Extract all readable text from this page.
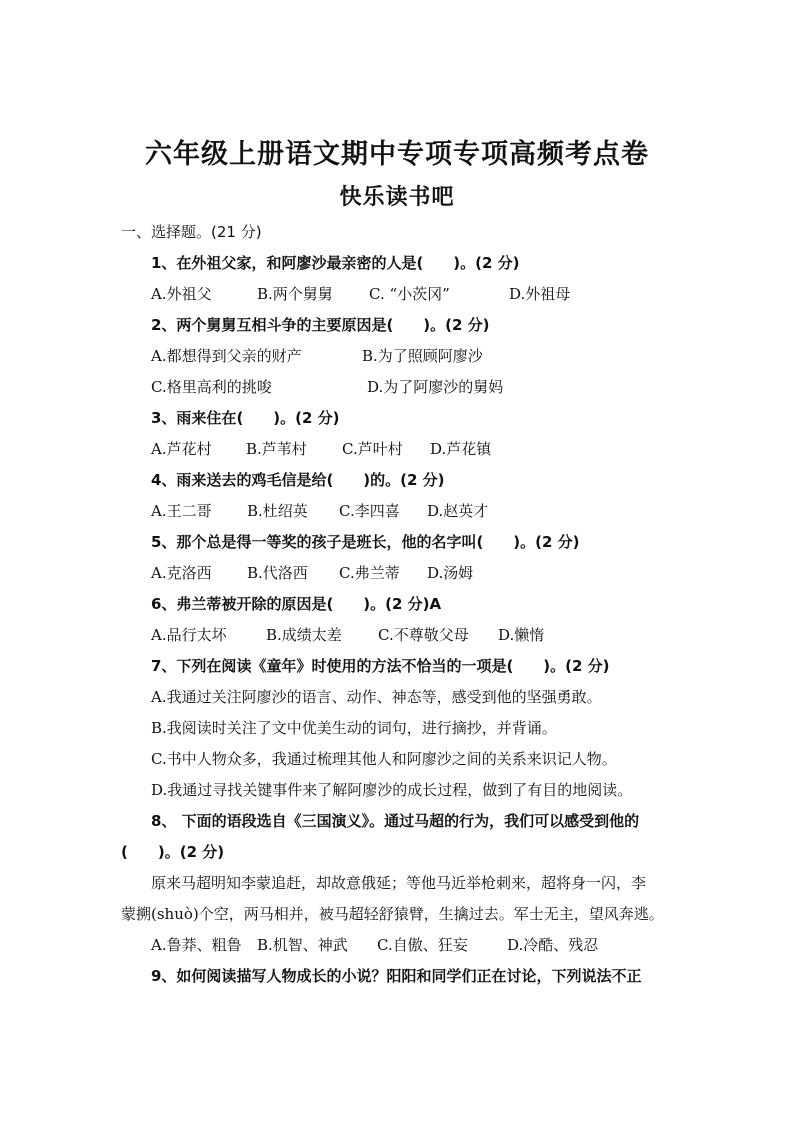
六年级上册语文期中专项专项高频考点卷
快乐读书吧
一、选择题。(21 分)
1、在外祖父家，和阿廖沙最亲密的人是(　　)。(2 分)
A.外祖父	B.两个舅舅 C. “小茨冈”	D.外祖母
2、两个舅舅互相斗争的主要原因是(　　)。(2 分)
A.都想得到父亲的财产	B.为了照顾阿廖沙
C.格里高利的挑唆	D.为了阿廖沙的舅妈
3、雨来住在(　　)。(2 分)
A.芦花村 B.芦苇村 C.芦叶村 D.芦花镇
4、雨来送去的鸡毛信是给(　　)的。(2 分)
A.王二哥 B.杜绍英 C.李四喜 D.赵英才
5、那个总是得一等奖的孩子是班长，他的名字叫(　　)。(2 分)
A.克洛西 B.代洛西 C.弗兰蒂 D.汤姆
6、弗兰蒂被开除的原因是(　　)。(2 分)A
A.品行太坏	B.成绩太差 C.不尊敬父母 D.懒惰
7、下列在阅读《童年》时使用的方法不恰当的一项是(　　)。(2 分)
A.我通过关注阿廖沙的语言、动作、神态等，感受到他的坚强勇敢。
B.我阅读时关注了文中优美生动的词句，进行摘抄，并背诵。
C.书中人物众多，我通过梳理其他人和阿廖沙之间的关系来识记人物。
D.我通过寻找关键事件来了解阿廖沙的成长过程，做到了有目的地阅读。
8、 下面的语段选自《三国演义》。通过马超的行为，我们可以感受到他的
(　　)。(2 分)
原来马超明知李蒙追赶，却故意俄延；等他马近举枪刺来，超将身一闪，李
蒙搠(shuò)个空，两马相并，被马超轻舒猿臂，生擒过去。军士无主，望风奔逃。
A.鲁莽、粗鲁 B.机智、神武 C.自傲、狂妄	D.冷酷、残忍
9、如何阅读描写人物成长的小说？阳阳和同学们正在讨论，下列说法不正
